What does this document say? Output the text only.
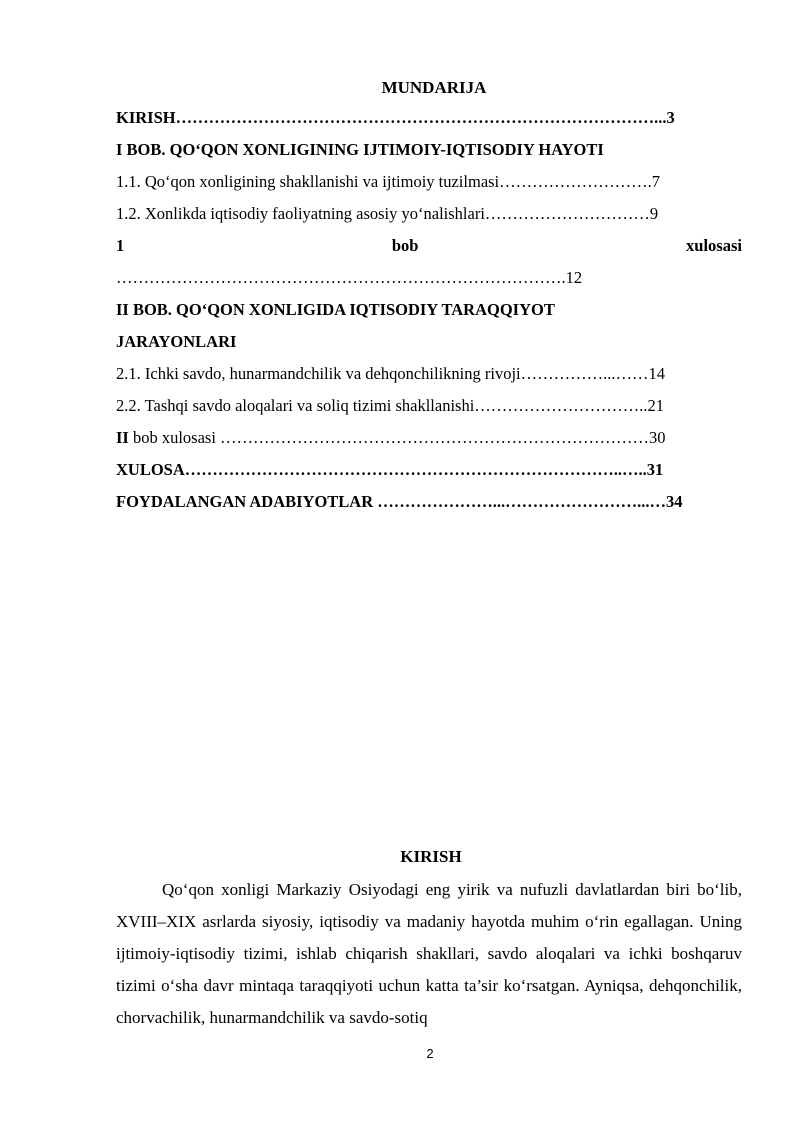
MUNDARIJA
KIRISH……………………………………………………………………………...3
I BOB. QO‘QON XONLIGINING IJTIMOIY-IQTISODIY HAYOTI
1.1. Qo‘qon xonligining shakllanishi va ijtimoiy tuzilmasi……………………….7
1.2. Xonlikda iqtisodiy faoliyatning asosiy yo‘nalishlari…………………………9
1	bob	xulosasi
……………………………………………………………………….12
II BOB. QO‘QON XONLIGIDA IQTISODIY TARAQQIYOT
JARAYONLARI
2.1. Ichki savdo, hunarmandchilik va dehqonchilikning rivoji……………...……14
2.2. Tashqi savdo aloqalari va soliq tizimi shakllanishi…………………………..21
II bob xulosasi ……………………………………………………………………30
XULOSA……………………………………………………………………..…..31
FOYDALANGAN ADABIYOTLAR …………………...……………………...…34
KIRISH

Qo‘qon xonligi Markaziy Osiyodagi eng yirik va nufuzli davlatlardan biri bo‘lib, XVIII–XIX asrlarda siyosiy, iqtisodiy va madaniy hayotda muhim o‘rin egallagan. Uning ijtimoiy-iqtisodiy tizimi, ishlab chiqarish shakllari, savdo aloqalari va ichki boshqaruv tizimi o‘sha davr mintaqa taraqqiyoti uchun katta ta’sir ko‘rsatgan. Ayniqsa, dehqonchilik, chorvachilik, hunarmandchilik va savdo-sotiq

2
